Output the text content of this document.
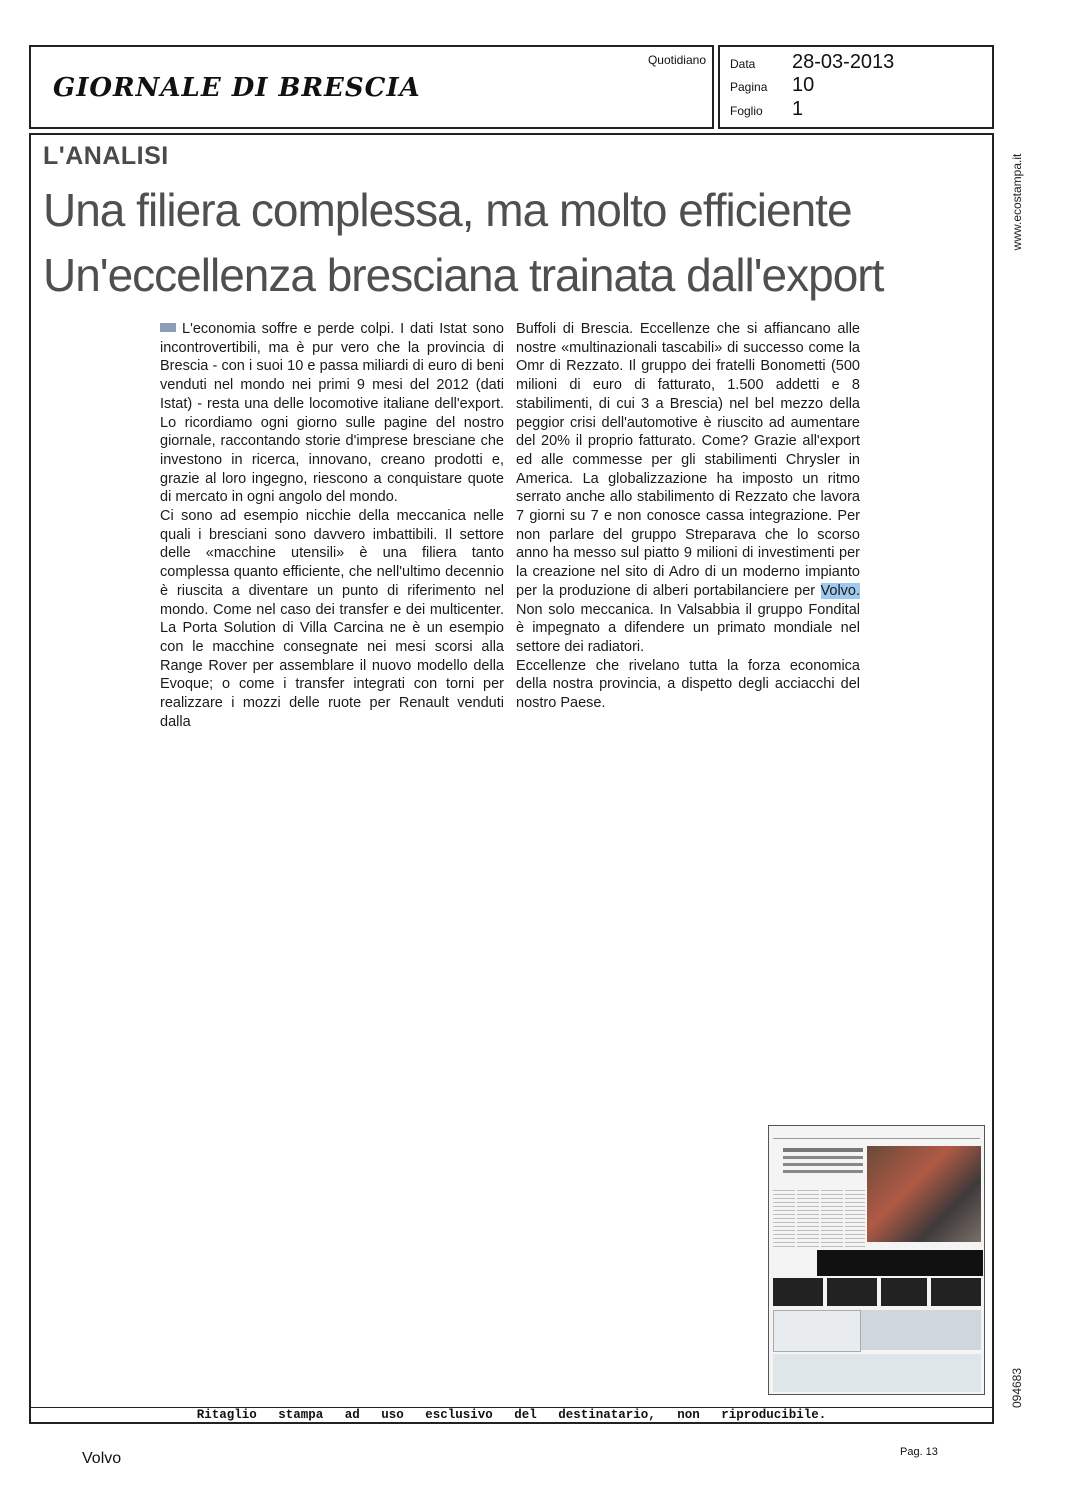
GIORNALE DI BRESCIA
Quotidiano Data 28-03-2013
Pagina 10
Foglio 1
L'ANALISI
Una filiera complessa, ma molto efficiente
Un'eccellenza bresciana trainata dall'export

L'economia soffre e perde colpi. I dati Istat sono incontrovertibili, ma è pur vero che la provincia di Brescia - con i suoi 10 e passa miliardi di euro di beni venduti nel mondo nei primi 9 mesi del 2012 (dati Istat) - resta una delle locomotive italiane dell'export. Lo ricordiamo ogni giorno sulle pagine del nostro giornale, raccontando storie d'imprese bresciane che investono in ricerca, innovano, creano prodotti e, grazie al loro ingegno, riescono a conquistare quote di mercato in ogni angolo del mondo.

Ci sono ad esempio nicchie della meccanica nelle quali i bresciani sono davvero imbattibili. Il settore delle «macchine utensili» è una filiera tanto complessa quanto efficiente, che nell'ultimo decennio è riuscita a diventare un punto di riferimento nel mondo. Come nel caso dei transfer e dei multicenter. La Porta Solution di Villa Carcina ne è un esempio con le macchine consegnate nei mesi scorsi alla Range Rover per assemblare il nuovo modello della Evoque; o come i transfer integrati con torni per realizzare i mozzi delle ruote per Renault venduti dalla

Buffoli di Brescia. Eccellenze che si affiancano alle nostre «multinazionali tascabili» di successo come la Omr di Rezzato. Il gruppo dei fratelli Bonometti (500 milioni di euro di fatturato, 1.500 addetti e 8 stabilimenti, di cui 3 a Brescia) nel bel mezzo della peggior crisi dell'automotive è riuscito ad aumentare del 20% il proprio fatturato. Come? Grazie all'export ed alle commesse per gli stabilimenti Chrysler in America. La globalizzazione ha imposto un ritmo serrato anche allo stabilimento di Rezzato che lavora 7 giorni su 7 e non conosce cassa integrazione. Per non parlare del gruppo Streparava che lo scorso anno ha messo sul piatto 9 milioni di investimenti per la creazione nel sito di Adro di un moderno impianto per la produzione di alberi portabilanciere per Volvo. Non solo meccanica. In Valsabbia il gruppo Fondital è impegnato a difendere un primato mondiale nel settore dei radiatori.

Eccellenze che rivelano tutta la forza economica della nostra provincia, a dispetto degli acciacchi del nostro Paese.

www.ecostampa.it
094683
Ritaglio stampa ad uso esclusivo del destinatario, non riproducibile.
Volvo	Pag. 13
